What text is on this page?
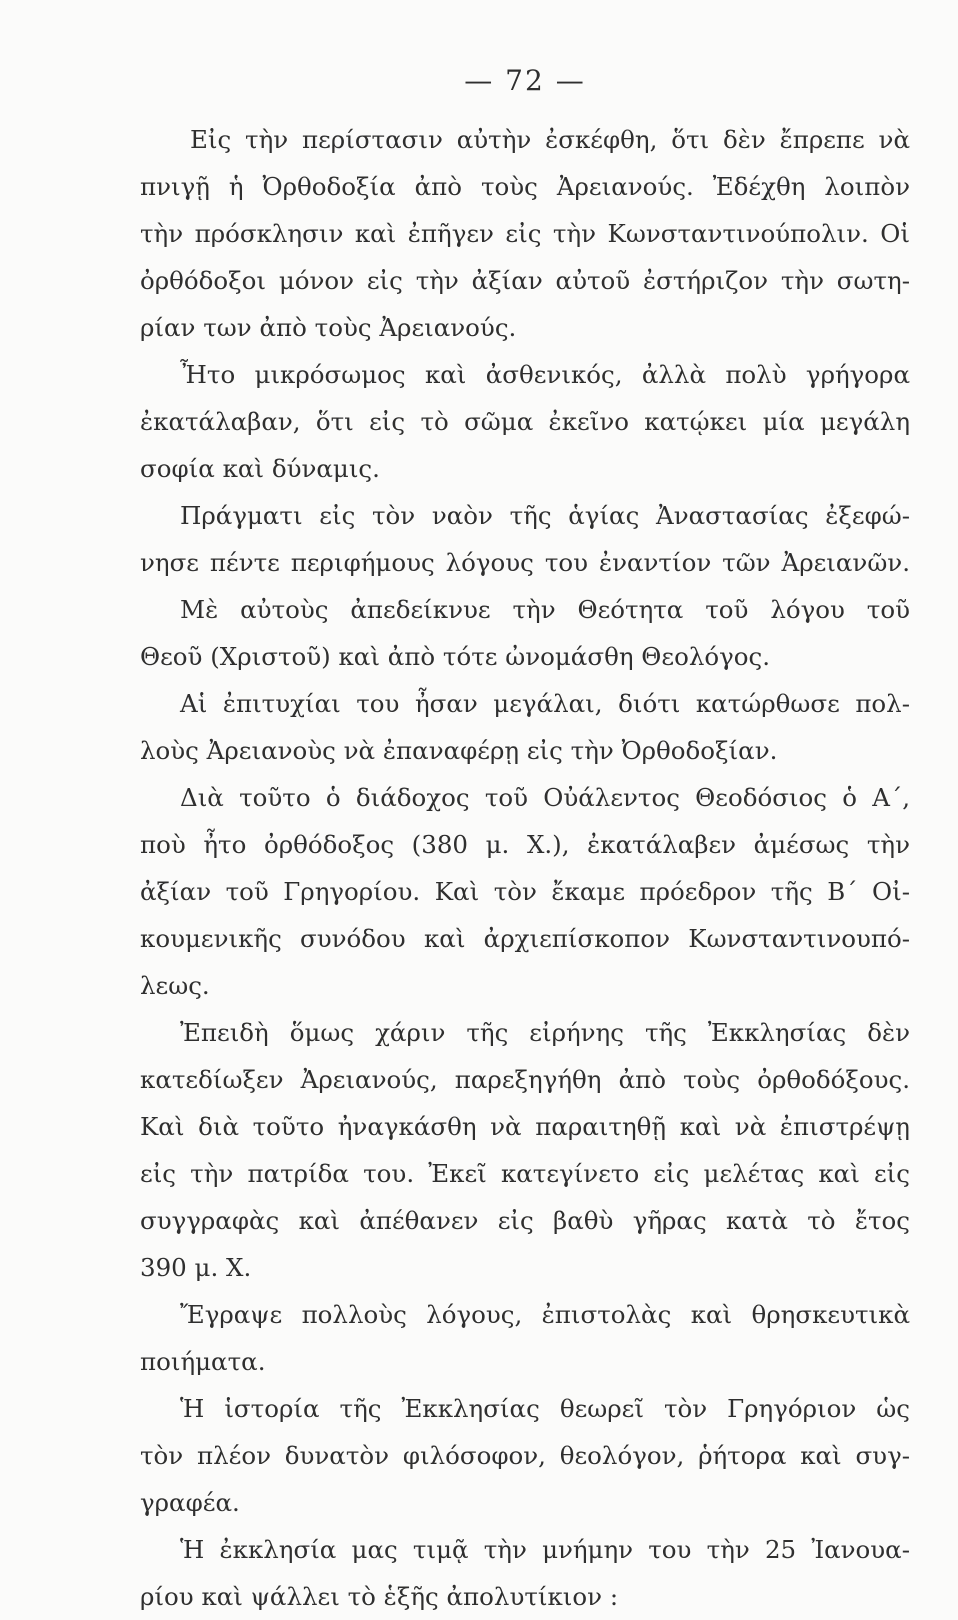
— 72 —
Εἰς τὴν περίστασιν αὐτὴν ἐσκέφθη, ὅτι δὲν ἔπρεπε νὰ
πνιγῇ ἡ Ὀρθοδοξία ἀπὸ τοὺς Ἀρειανούς. Ἐδέχθη λοιπὸν
τὴν πρόσκλησιν καὶ ἐπῆγεν εἰς τὴν Κωνσταντινούπολιν. Οἱ
ὀρθόδοξοι μόνον εἰς τὴν ἀξίαν αὐτοῦ ἐστήριζον τὴν σωτη-
ρίαν των ἀπὸ τοὺς Ἀρειανούς.
Ἦτο μικρόσωμος καὶ ἀσθενικός, ἀλλὰ πολὺ γρήγορα
ἐκατάλαβαν, ὅτι εἰς τὸ σῶμα ἐκεῖνο κατῴκει μία μεγάλη
σοφία καὶ δύναμις.
Πράγματι εἰς τὸν ναὸν τῆς ἁγίας Ἀναστασίας ἐξεφώ-
νησε πέντε περιφήμους λόγους του ἐναντίον τῶν Ἀρειανῶν.
Μὲ αὐτοὺς ἀπεδείκνυε τὴν Θεότητα τοῦ λόγου τοῦ
Θεοῦ (Χριστοῦ) καὶ ἀπὸ τότε ὠνομάσθη Θεολόγος.
Αἱ ἐπιτυχίαι του ἦσαν μεγάλαι, διότι κατώρθωσε πολ-
λοὺς Ἀρειανοὺς νὰ ἐπαναφέρῃ εἰς τὴν Ὀρθοδοξίαν.
Διὰ τοῦτο ὁ διάδοχος τοῦ Οὐάλεντος Θεοδόσιος ὁ Α΄,
ποὺ ἦτο ὀρθόδοξος (380 μ. Χ.), ἐκατάλαβεν ἀμέσως τὴν
ἀξίαν τοῦ Γρηγορίου. Καὶ τὸν ἔκαμε πρόεδρον τῆς Β΄ Οἰ-
κουμενικῆς συνόδου καὶ ἀρχιεπίσκοπον Κωνσταντινουπό-
λεως.
Ἐπειδὴ ὅμως χάριν τῆς εἰρήνης τῆς Ἐκκλησίας δὲν
κατεδίωξεν Ἀρειανούς, παρεξηγήθη ἀπὸ τοὺς ὀρθοδόξους.
Καὶ διὰ τοῦτο ἠναγκάσθη νὰ παραιτηθῇ καὶ νὰ ἐπιστρέψῃ
εἰς τὴν πατρίδα του. Ἐκεῖ κατεγίνετο εἰς μελέτας καὶ εἰς
συγγραφὰς καὶ ἀπέθανεν εἰς βαθὺ γῆρας κατὰ τὸ ἔτος
390 μ. Χ.
Ἔγραψε πολλοὺς λόγους, ἐπιστολὰς καὶ θρησκευτικὰ
ποιήματα.
Ἡ ἱστορία τῆς Ἐκκλησίας θεωρεῖ τὸν Γρηγόριον ὡς
τὸν πλέον δυνατὸν φιλόσοφον, θεολόγον, ῥήτορα καὶ συγ-
γραφέα.
Ἡ ἐκκλησία μας τιμᾷ τὴν μνήμην του τὴν 25 Ἰανουα-
ρίου καὶ ψάλλει τὸ ἑξῆς ἀπολυτίκιον :
